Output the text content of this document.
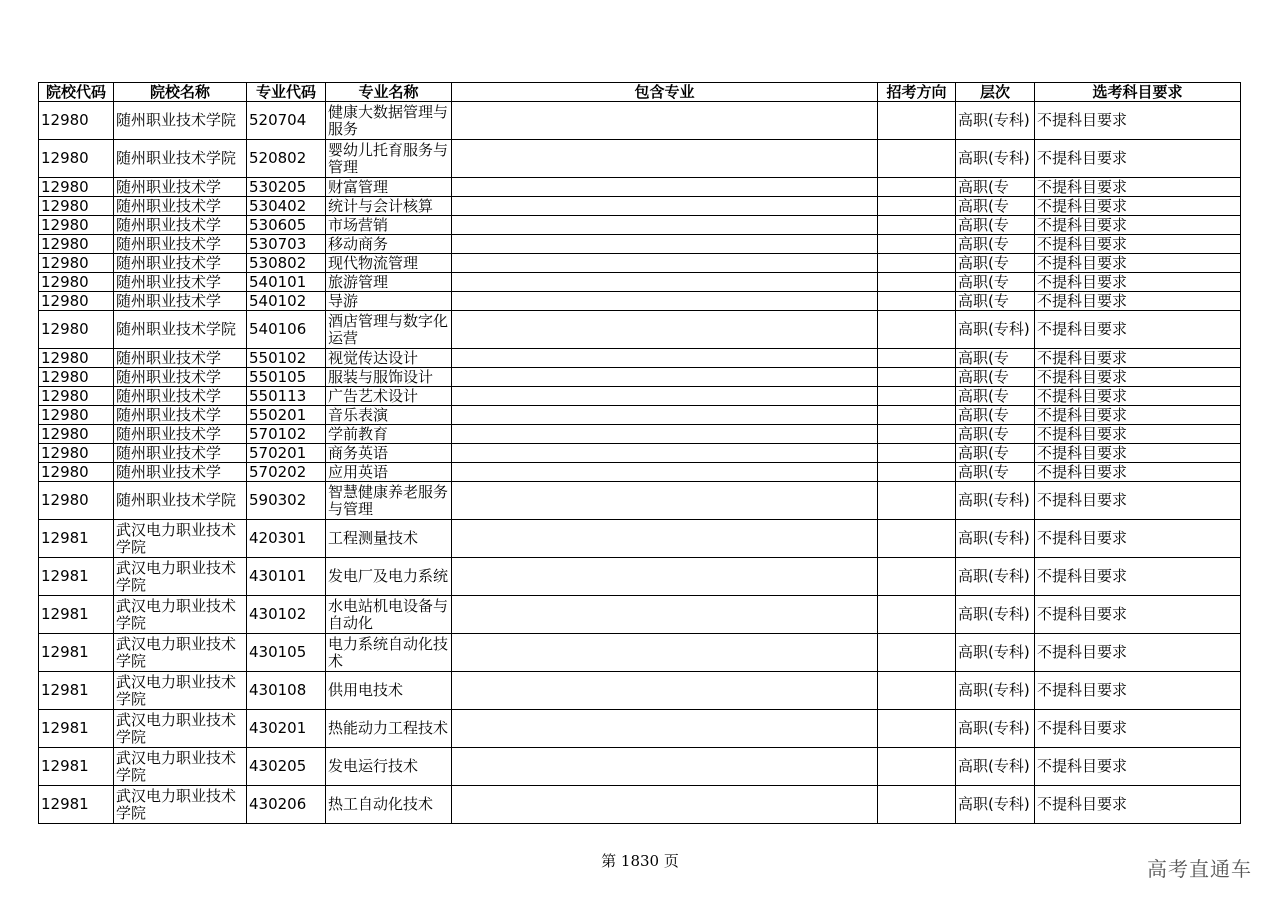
院校代码	院校名称	专业代码	专业名称	包含专业	招考方向	层次	选考科目要求
12980	随州职业技术学院	520704	健康大数据管理与服务			高职(专科)	不提科目要求
12980	随州职业技术学院	520802	婴幼儿托育服务与管理			高职(专科)	不提科目要求
12980	随州职业技术学	530205	财富管理			高职(专	不提科目要求
12980	随州职业技术学	530402	统计与会计核算			高职(专	不提科目要求
12980	随州职业技术学	530605	市场营销			高职(专	不提科目要求
12980	随州职业技术学	530703	移动商务			高职(专	不提科目要求
12980	随州职业技术学	530802	现代物流管理			高职(专	不提科目要求
12980	随州职业技术学	540101	旅游管理			高职(专	不提科目要求
12980	随州职业技术学	540102	导游			高职(专	不提科目要求
12980	随州职业技术学院	540106	酒店管理与数字化运营			高职(专科)	不提科目要求
12980	随州职业技术学	550102	视觉传达设计			高职(专	不提科目要求
12980	随州职业技术学	550105	服装与服饰设计			高职(专	不提科目要求
12980	随州职业技术学	550113	广告艺术设计			高职(专	不提科目要求
12980	随州职业技术学	550201	音乐表演			高职(专	不提科目要求
12980	随州职业技术学	570102	学前教育			高职(专	不提科目要求
12980	随州职业技术学	570201	商务英语			高职(专	不提科目要求
12980	随州职业技术学	570202	应用英语			高职(专	不提科目要求
12980	随州职业技术学院	590302	智慧健康养老服务与管理			高职(专科)	不提科目要求
12981	武汉电力职业技术学院	420301	工程测量技术			高职(专科)	不提科目要求
12981	武汉电力职业技术学院	430101	发电厂及电力系统			高职(专科)	不提科目要求
12981	武汉电力职业技术学院	430102	水电站机电设备与自动化			高职(专科)	不提科目要求
12981	武汉电力职业技术学院	430105	电力系统自动化技术			高职(专科)	不提科目要求
12981	武汉电力职业技术学院	430108	供用电技术			高职(专科)	不提科目要求
12981	武汉电力职业技术学院	430201	热能动力工程技术			高职(专科)	不提科目要求
12981	武汉电力职业技术学院	430205	发电运行技术			高职(专科)	不提科目要求
12981	武汉电力职业技术学院	430206	热工自动化技术			高职(专科)	不提科目要求
第 1830 页	高考直通车
